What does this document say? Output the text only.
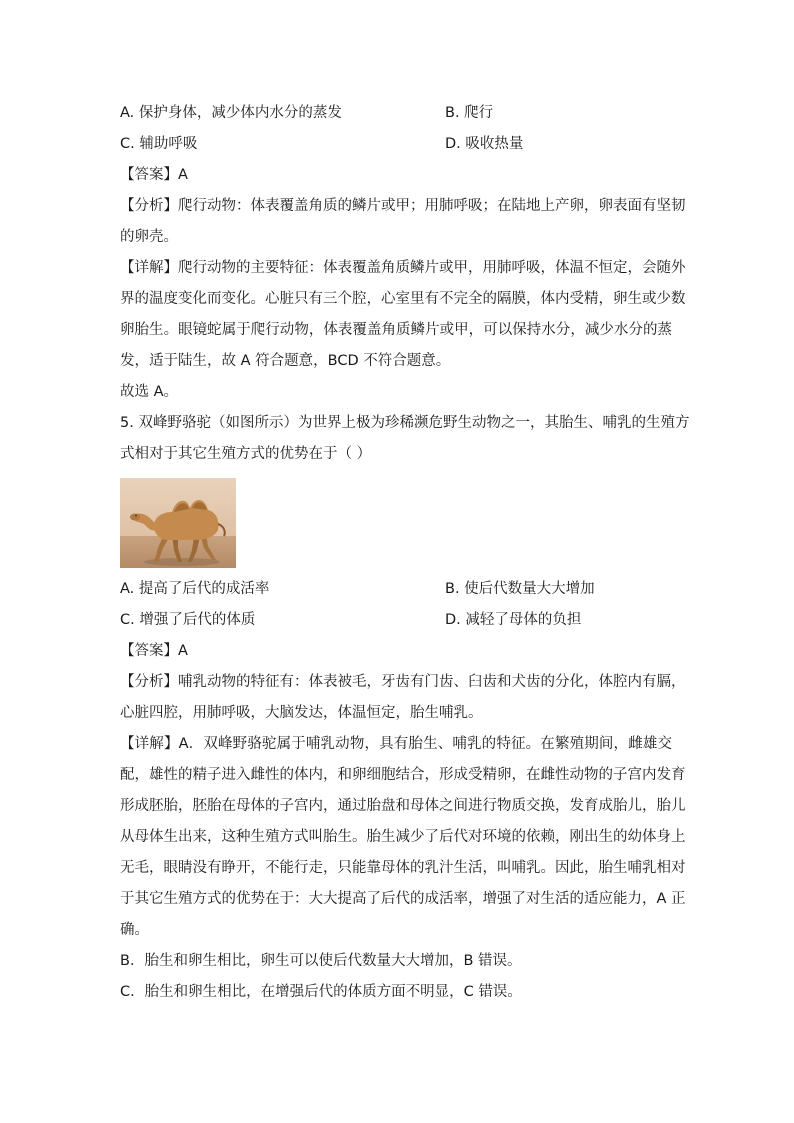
A. 保护身体，减少体内水分的蒸发	B. 爬行
C. 辅助呼吸	D. 吸收热量
【答案】A
【分析】爬行动物：体表覆盖角质的鳞片或甲；用肺呼吸；在陆地上产卵，卵表面有坚韧
的卵壳。
【详解】爬行动物的主要特征：体表覆盖角质鳞片或甲，用肺呼吸，体温不恒定，会随外
界的温度变化而变化。心脏只有三个腔，心室里有不完全的隔膜，体内受精，卵生或少数
卵胎生。眼镜蛇属于爬行动物，体表覆盖角质鳞片或甲，可以保持水分，减少水分的蒸
发，适于陆生，故 A 符合题意，BCD 不符合题意。
故选 A。
5. 双峰野骆驼（如图所示）为世界上极为珍稀濒危野生动物之一，其胎生、哺乳的生殖方
式相对于其它生殖方式的优势在于（ ）
A. 提高了后代的成活率	B. 使后代数量大大增加
C. 增强了后代的体质	D. 减轻了母体的负担
【答案】A
【分析】哺乳动物的特征有：体表被毛，牙齿有门齿、臼齿和犬齿的分化，体腔内有膈，
心脏四腔，用肺呼吸，大脑发达，体温恒定，胎生哺乳。
【详解】A．双峰野骆驼属于哺乳动物，具有胎生、哺乳的特征。在繁殖期间，雌雄交
配，雄性的精子进入雌性的体内，和卵细胞结合，形成受精卵，在雌性动物的子宫内发育
形成胚胎，胚胎在母体的子宫内，通过胎盘和母体之间进行物质交换，发育成胎儿，胎儿
从母体生出来，这种生殖方式叫胎生。胎生减少了后代对环境的依赖，刚出生的幼体身上
无毛，眼睛没有睁开，不能行走，只能靠母体的乳汁生活，叫哺乳。因此，胎生哺乳相对
于其它生殖方式的优势在于：大大提高了后代的成活率，增强了对生活的适应能力，A 正
确。
B．胎生和卵生相比，卵生可以使后代数量大大增加，B 错误。
C．胎生和卵生相比，在增强后代的体质方面不明显，C 错误。
